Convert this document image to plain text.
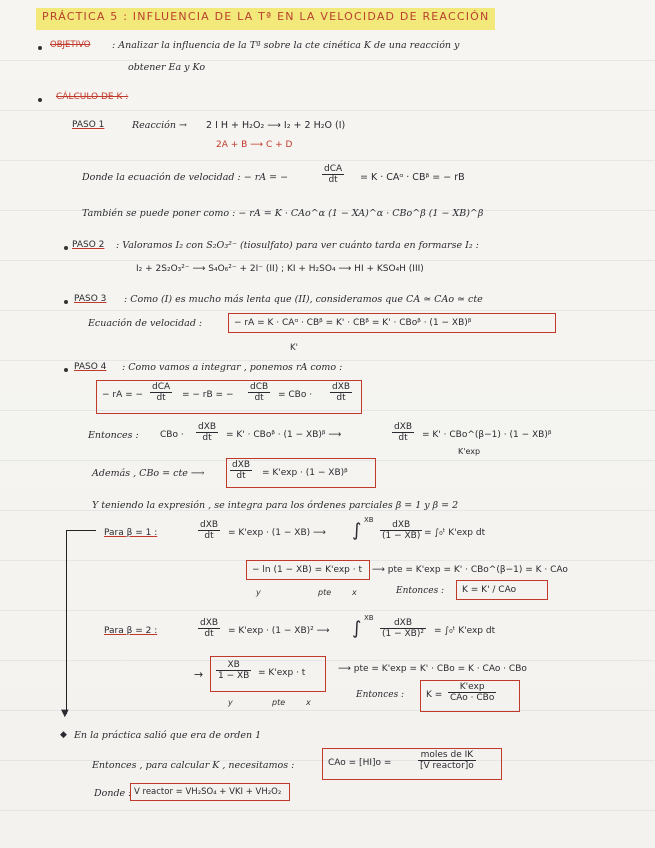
PRÁCTICA 5 : INFLUENCIA DE LA Tª EN LA VELOCIDAD DE REACCIÓN
OBJETIVO : Analizar la influencia de la Tª sobre la cte cinética K de una reacción y
obtener Ea y Ko
CÁLCULO DE K :
PASO 1	Reacción → 2 I H + H₂O₂ ⟶ I₂ + 2 H₂O (I)
2A + B ⟶ C + D
Donde la ecuación de velocidad : − rA = −
dCA
dt	= K · CAᵅ · CBᵝ = − rB
También se puede poner como : − rA = K · CAo^α (1 − XA)^α · CBo^β (1 − XB)^β
PASO 2 : Valoramos I₂ con S₂O₃²⁻ (tiosulfato) para ver cuánto tarda en formarse I₂ :
I₂ + 2S₂O₃²⁻ ⟶ S₄O₆²⁻ + 2I⁻ (II) ; KI + H₂SO₄ ⟶ HI + KSO₄H (III)
PASO 3 : Como (I) es mucho más lenta que (II), consideramos que CA ≃ CAo ≃ cte
Ecuación de velocidad :	− rA = K · CAᵅ · CBᵝ = K' · CBᵝ = K' · CBoᵝ · (1 − XB)ᵝ
K'
PASO 4 : Como vamos a integrar , ponemos rA como :
− rA = −
dCA
dt	= − rB = −
dCB
dt	= CBo ·
dXB
dt
Entonces : CBo ·
dXB
dt	= K' · CBoᵝ · (1 − XB)ᵝ ⟶
dXB
dt	= K' · CBo^(β−1) · (1 − XB)ᵝ
K'exp
Además , CBo = cte ⟶
dXB
dt	= K'exp · (1 − XB)ᵝ
Y teniendo la expresión , se integra para los órdenes parciales β = 1 y β = 2
Para β = 1 :
dXB
dt	= K'exp · (1 − XB) ⟶ ∫ XB	dXB
(1 − XB) = ∫₀ᵗ K'exp dt
− ln (1 − XB) = K'exp · t ⟶ pte = K'exp = K' · CBo^(β−1) = K · CAo
Entonces : K = K' / CAo
y	pte	x
Para β = 2 :
dXB
dt	= K'exp · (1 − XB)² ⟶ ∫ XB	dXB
(1 − XB)² = ∫₀ᵗ K'exp dt
→ $\frac{XB}{1 - XB} = K'\exp \cdot t$	⟶ pte = K'exp = K' · CBo = K · CAo · CBo
Entonces : K =
K'exp
CAo · CBo
y	pte	x
▼
◆ En la práctica salió que era de orden 1
Entonces , para calcular K , necesitamos :	CAo = [HI]o =
moles de IK
[V reactor]o
Donde : V reactor = VH₂SO₄ + VKI + VH₂O₂
